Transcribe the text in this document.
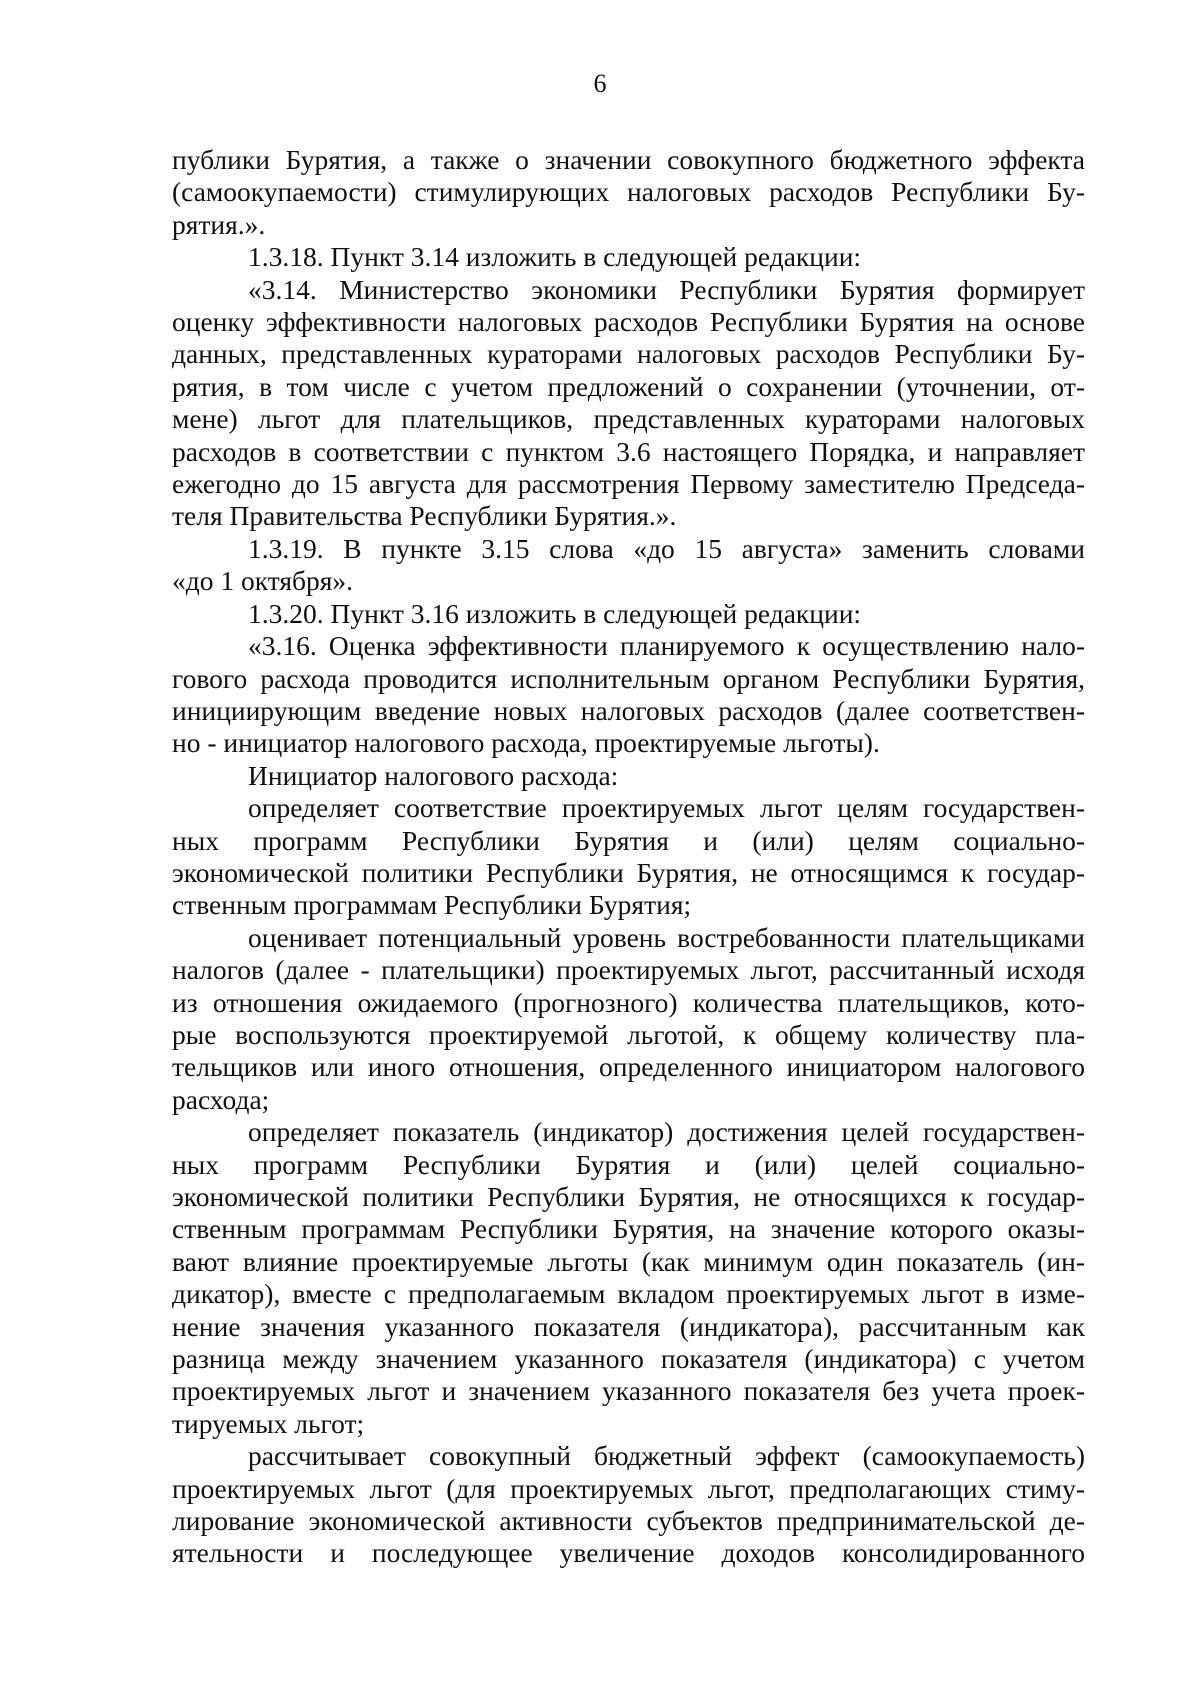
6
публики Бурятия, а также о значении совокупного бюджетного эффекта
(самоокупаемости) стимулирующих налоговых расходов Республики Бу-
рятия.».
1.3.18. Пункт 3.14 изложить в следующей редакции:
«3.14. Министерство экономики Республики Бурятия формирует
оценку эффективности налоговых расходов Республики Бурятия на основе
данных, представленных кураторами налоговых расходов Республики Бу-
рятия, в том числе с учетом предложений о сохранении (уточнении, от-
мене) льгот для плательщиков, представленных кураторами налоговых
расходов в соответствии с пунктом 3.6 настоящего Порядка, и направляет
ежегодно до 15 августа для рассмотрения Первому заместителю Председа-
теля Правительства Республики Бурятия.».
1.3.19. В пункте 3.15 слова «до 15 августа» заменить словами
«до 1 октября».
1.3.20. Пункт 3.16 изложить в следующей редакции:
«3.16. Оценка эффективности планируемого к осуществлению нало-
гового расхода проводится исполнительным органом Республики Бурятия,
инициирующим введение новых налоговых расходов (далее соответствен-
но - инициатор налогового расхода, проектируемые льготы).
Инициатор налогового расхода:
определяет соответствие проектируемых льгот целям государствен-
ных программ Республики Бурятия и (или) целям социально-
экономической политики Республики Бурятия, не относящимся к государ-
ственным программам Республики Бурятия;
оценивает потенциальный уровень востребованности плательщиками
налогов (далее - плательщики) проектируемых льгот, рассчитанный исходя
из отношения ожидаемого (прогнозного) количества плательщиков, кото-
рые воспользуются проектируемой льготой, к общему количеству пла-
тельщиков или иного отношения, определенного инициатором налогового
расхода;
определяет показатель (индикатор) достижения целей государствен-
ных программ Республики Бурятия и (или) целей социально-
экономической политики Республики Бурятия, не относящихся к государ-
ственным программам Республики Бурятия, на значение которого оказы-
вают влияние проектируемые льготы (как минимум один показатель (ин-
дикатор), вместе с предполагаемым вкладом проектируемых льгот в изме-
нение значения указанного показателя (индикатора), рассчитанным как
разница между значением указанного показателя (индикатора) с учетом
проектируемых льгот и значением указанного показателя без учета проек-
тируемых льгот;
рассчитывает совокупный бюджетный эффект (самоокупаемость)
проектируемых льгот (для проектируемых льгот, предполагающих стиму-
лирование экономической активности субъектов предпринимательской де-
ятельности и последующее увеличение доходов консолидированного
